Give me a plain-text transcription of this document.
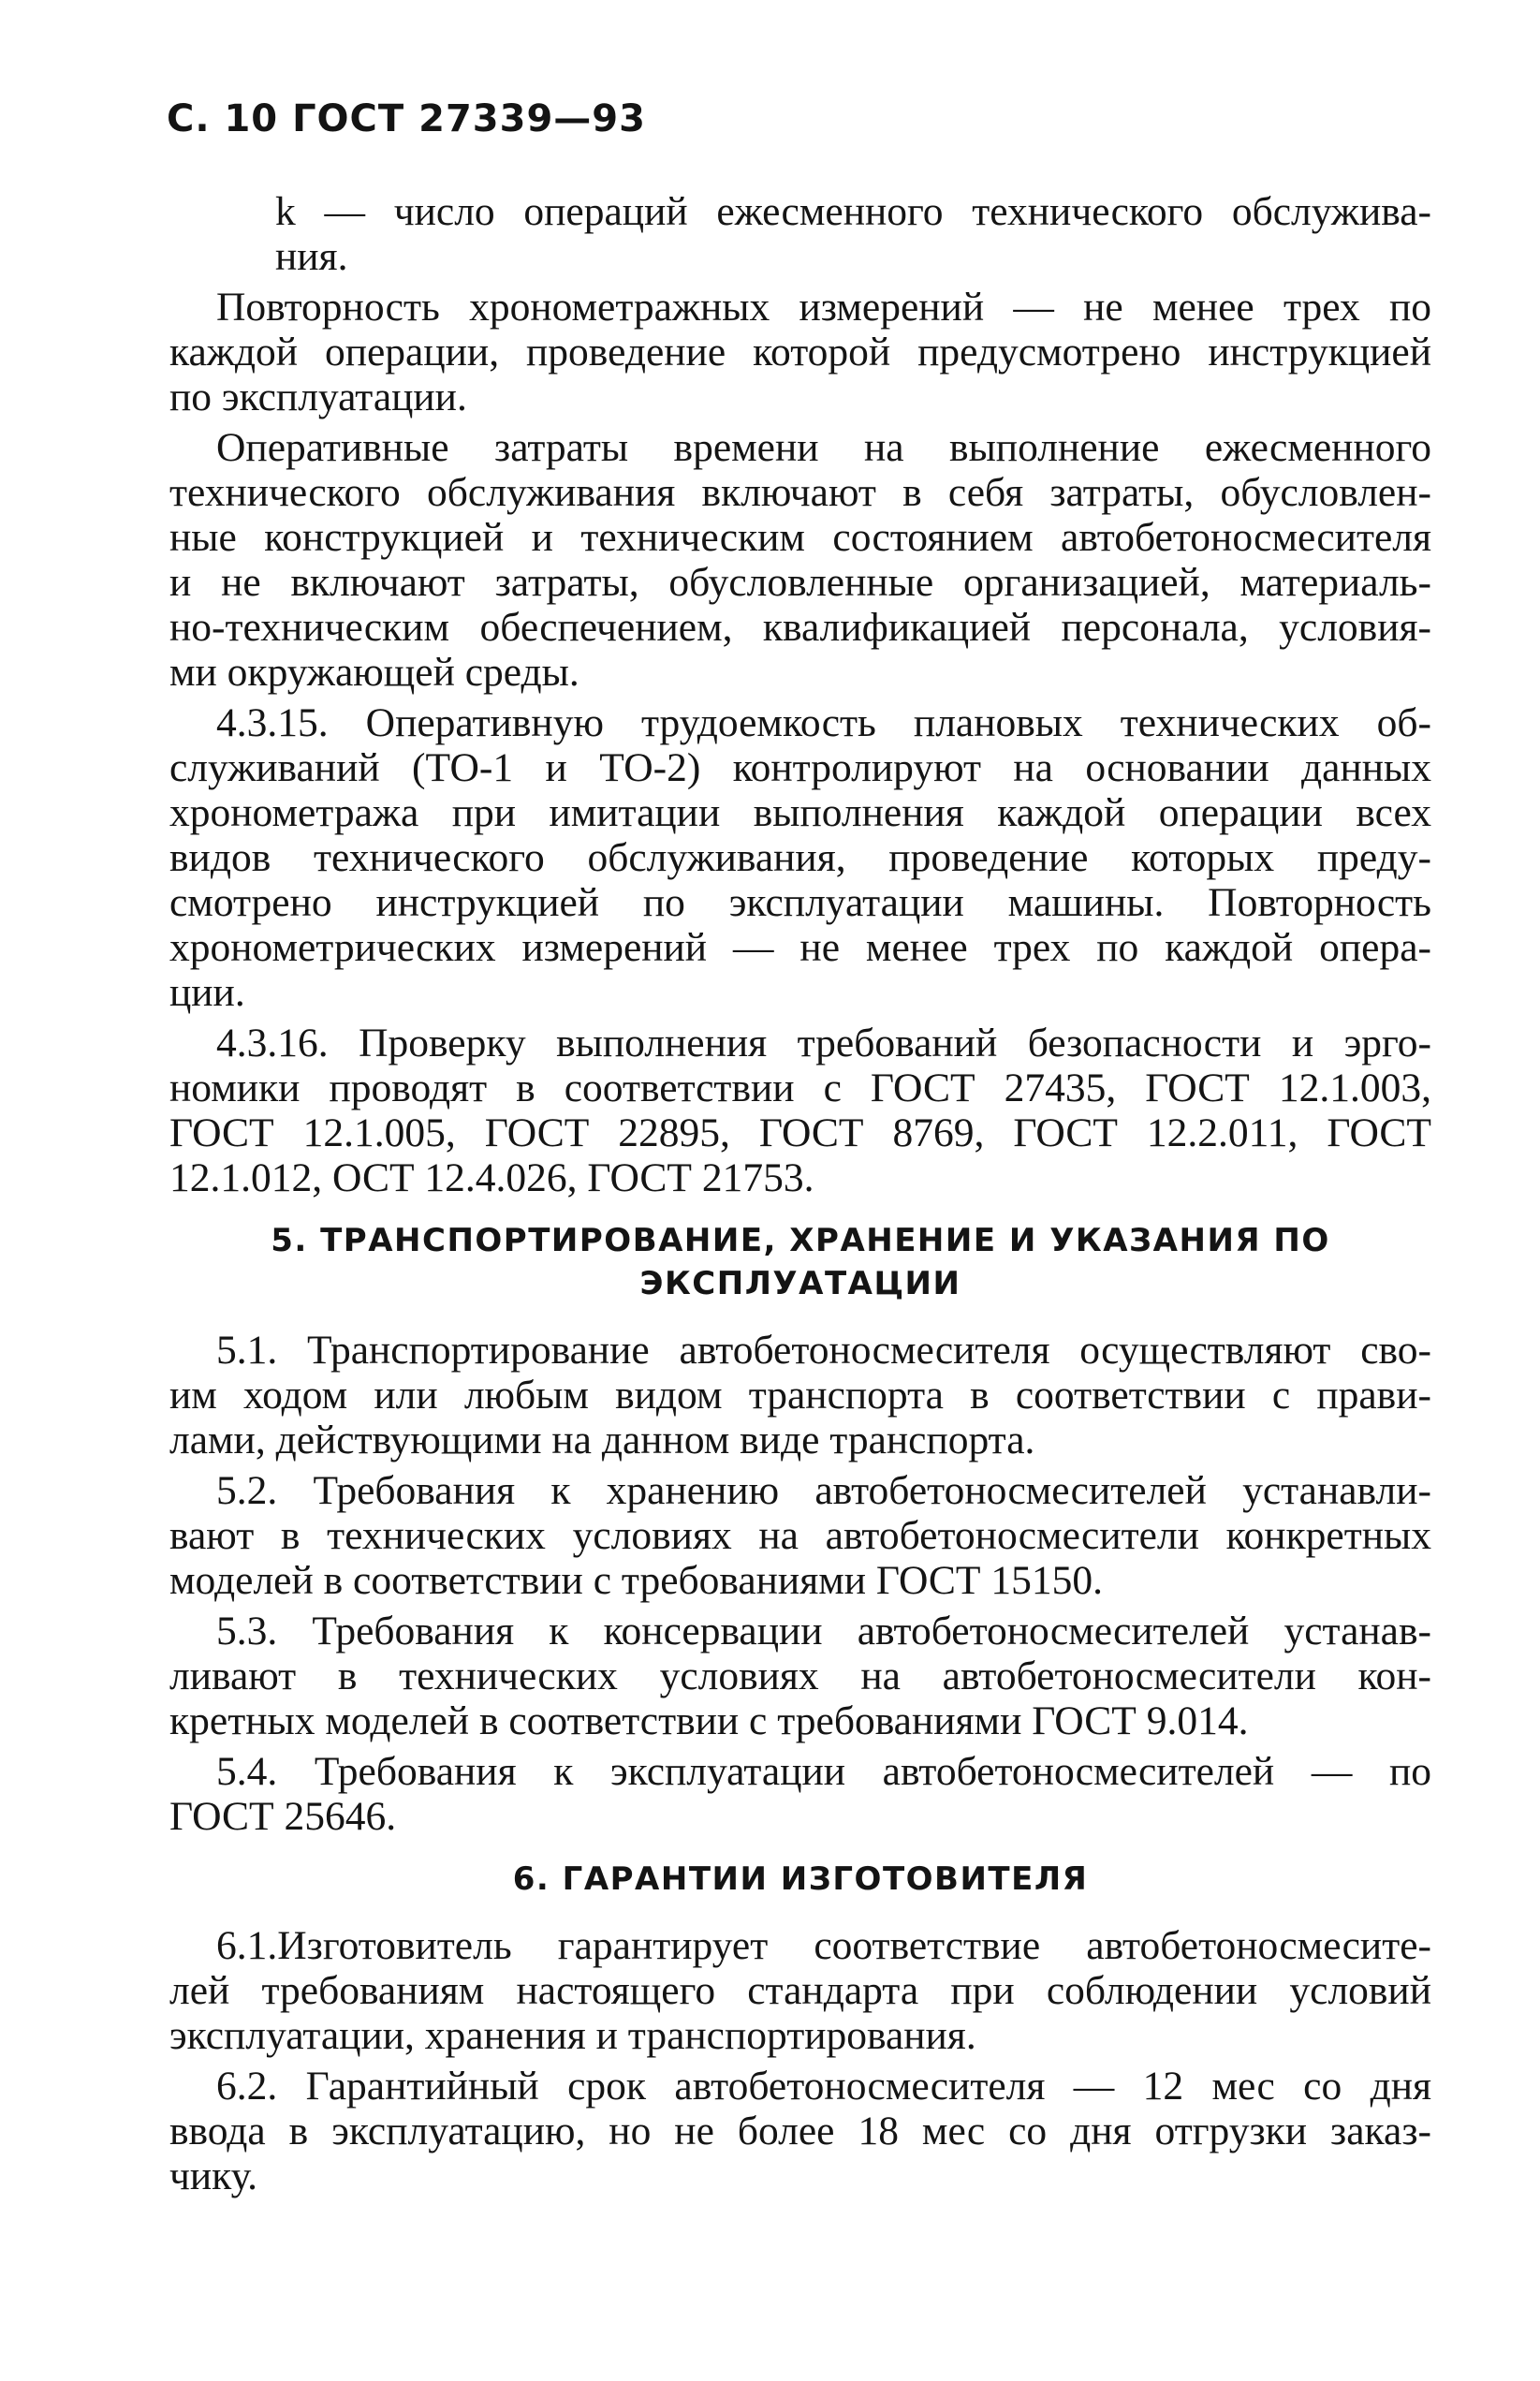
С. 10 ГОСТ 27339—93
k — число операций ежесменного технического обслужива-
ния.
Повторность хронометражных измерений — не менее трех по
каждой операции, проведение которой предусмотрено инструкцией
по эксплуатации.
Оперативные затраты времени на выполнение ежесменного
технического обслуживания включают в себя затраты, обусловлен-
ные конструкцией и техническим состоянием автобетоносмесителя
и не включают затраты, обусловленные организацией, материаль-
но-техническим обеспечением, квалификацией персонала, условия-
ми окружающей среды.
4.3.15. Оперативную трудоемкость плановых технических об-
служиваний (ТО-1 и ТО-2) контролируют на основании данных
хронометража при имитации выполнения каждой операции всех
видов технического обслуживания, проведение которых преду-
смотрено инструкцией по эксплуатации машины. Повторность
хронометрических измерений — не менее трех по каждой опера-
ции.
4.3.16. Проверку выполнения требований безопасности и эрго-
номики проводят в соответствии с ГОСТ 27435, ГОСТ 12.1.003,
ГОСТ 12.1.005, ГОСТ 22895, ГОСТ 8769, ГОСТ 12.2.011, ГОСТ
12.1.012, ОСТ 12.4.026, ГОСТ 21753.
5. ТРАНСПОРТИРОВАНИЕ, ХРАНЕНИЕ И УКАЗАНИЯ ПО
ЭКСПЛУАТАЦИИ
5.1. Транспортирование автобетоносмесителя осуществляют сво-
им ходом или любым видом транспорта в соответствии с прави-
лами, действующими на данном виде транспорта.
5.2. Требования к хранению автобетоносмесителей устанавли-
вают в технических условиях на автобетоносмесители конкретных
моделей в соответствии с требованиями ГОСТ 15150.
5.3. Требования к консервации автобетоносмесителей устанав-
ливают в технических условиях на автобетоносмесители кон-
кретных моделей в соответствии с требованиями ГОСТ 9.014.
5.4. Требования к эксплуатации автобетоносмесителей — по
ГОСТ 25646.
6. ГАРАНТИИ ИЗГОТОВИТЕЛЯ
6.1.Изготовитель гарантирует соответствие автобетоносмесите-
лей требованиям настоящего стандарта при соблюдении условий
эксплуатации, хранения и транспортирования.
6.2. Гарантийный срок автобетоносмесителя — 12 мес со дня
ввода в эксплуатацию, но не более 18 мес со дня отгрузки заказ-
чику.
